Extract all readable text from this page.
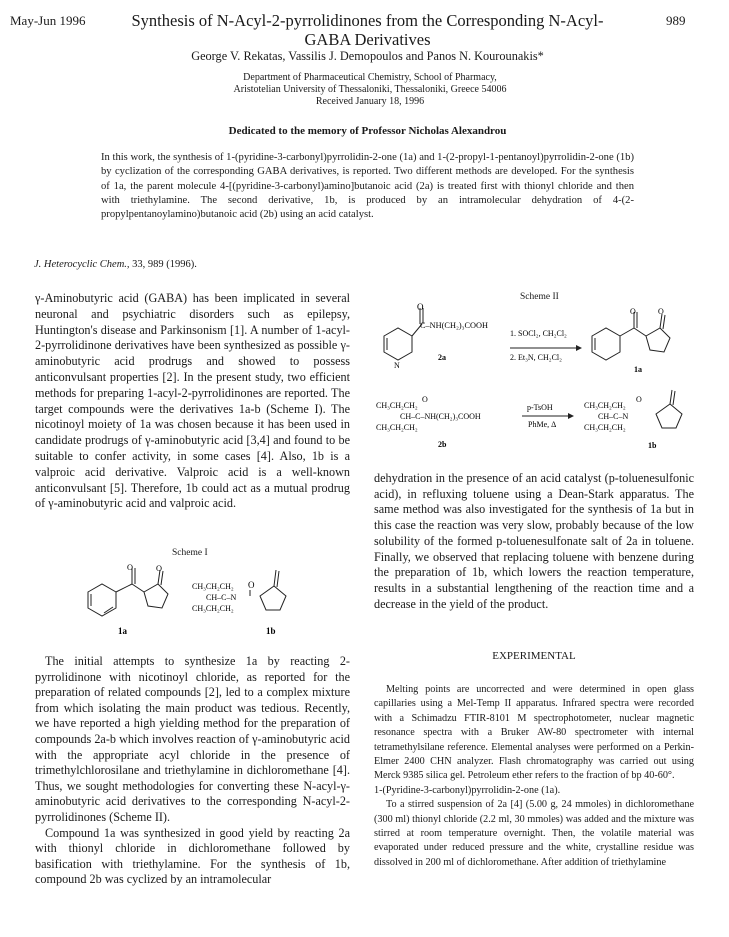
May-Jun 1996	989
Synthesis of N-Acyl-2-pyrrolidinones from the Corresponding N-Acyl-GABA Derivatives
George V. Rekatas, Vassilis J. Demopoulos and Panos N. Kourounakis*
Department of Pharmaceutical Chemistry, School of Pharmacy,
Aristotelian University of Thessaloniki, Thessaloniki, Greece 54006
Received January 18, 1996
Dedicated to the memory of Professor Nicholas Alexandrou
In this work, the synthesis of 1-(pyridine-3-carbonyl)pyrrolidin-2-one (1a) and 1-(2-propyl-1-pentanoyl)pyrrolidin-2-one (1b) by cyclization of the corresponding GABA derivatives, is reported. Two different methods are developed. For the synthesis of 1a, the parent molecule 4-[(pyridine-3-carbonyl)amino]butanoic acid (2a) is treated first with thionyl chloride and then with triethylamine. The second derivative, 1b, is produced by an intramolecular dehydration of 4-(2-propylpentanoylamino)butanoic acid (2b) using an acid catalyst.
J. Heterocyclic Chem., 33, 989 (1996).

γ-Aminobutyric acid (GABA) has been implicated in several neuronal and psychiatric disorders such as epilepsy, Huntington's disease and Parkinsonism [1]. A number of 1-acyl-2-pyrrolidinone derivatives have been synthesized as possible γ-aminobutyric acid prodrugs and showed to possess anticonvulsant properties [2]. In the present study, two efficient methods for preparing 1-acyl-2-pyrrolidinones are reported. The target compounds were the derivatives 1a-b (Scheme I). The nicotinoyl moiety of 1a was chosen because it has been used in candidate prodrugs of γ-aminobutyric acid [3,4] and found to be suitable to confer activity, in some cases [4]. Also, 1b is a valproic acid derivative. Valproic acid is a well-known anticonvulsant [5]. Therefore, 1b could act as a mutual prodrug of γ-aminobutyric acid and valproic acid.

Scheme I
O	O
1a
CH₃CH₂CH₂
CH–C–N
CH₃CH₂CH₂
O
1b

The initial attempts to synthesize 1a by reacting 2-pyrrolidinone with nicotinoyl chloride, as reported for the preparation of related compounds [2], led to a complex mixture from which isolating the main product was tedious. Recently, we have reported a high yielding method for the preparation of compounds 2a-b which involves reaction of γ-aminobutyric acid with the appropriate acyl chloride in the presence of trimethylchlorosilane and triethylamine in dichloromethane [4]. Thus, we sought methodologies for converting these N-acyl-γ-aminobutyric acid derivatives to the corresponding N-acyl-2-pyrrolidinones (Scheme II).

Compound 1a was synthesized in good yield by reacting 2a with thionyl chloride in dichloromethane followed by basification with triethylamine. For the synthesis of 1b, compound 2b was cyclized by an intramolecular

Scheme II
O
N
C–NH(CH₂)₃COOH
2a
1. SOCl₂, CH₂Cl₂
2. Et₃N, CH₂Cl₂
O	O
1a
CH₃CH₂CH₂
O
CH–C–NH(CH₂)₃COOH
CH₃CH₂CH₂
2b
p-TsOH
PhMe, Δ
CH₃CH₂CH₂
CH–C–N
CH₃CH₂CH₂
O
1b

dehydration in the presence of an acid catalyst (p-toluenesulfonic acid), in refluxing toluene using a Dean-Stark apparatus. The same method was also investigated for the synthesis of 1a but in this case the reaction was very slow, probably because of the low solubility of the formed p-toluenesulfonate salt of 2a in toluene. Finally, we observed that replacing toluene with benzene during the preparation of 1b, which lowers the reaction temperature, results in a substantial lengthening of the reaction time and a decrease in the yield of the product.

EXPERIMENTAL

Melting points are uncorrected and were determined in open glass capillaries using a Mel-Temp II apparatus. Infrared spectra were recorded with a Schimadzu FTIR-8101 M spectrophotometer, nuclear magnetic resonance spectra with a Bruker AW-80 spectrometer with internal tetramethylsilane reference. Elemental analyses were performed on a Perkin-Elmer 2400 CHN analyzer. Flash chromatography was carried out using Merck 9385 silica gel. Petroleum ether refers to the fraction of bp 40-60°.

1-(Pyridine-3-carbonyl)pyrrolidin-2-one (1a).

To a stirred suspension of 2a [4] (5.00 g, 24 mmoles) in dichloromethane (300 ml) thionyl chloride (2.2 ml, 30 mmoles) was added and the mixture was stirred at room temperature overnight. Then, the volatile material was evaporated under reduced pressure and the white, crystalline residue was dissolved in 200 ml of dichloromethane. After addition of triethylamine
